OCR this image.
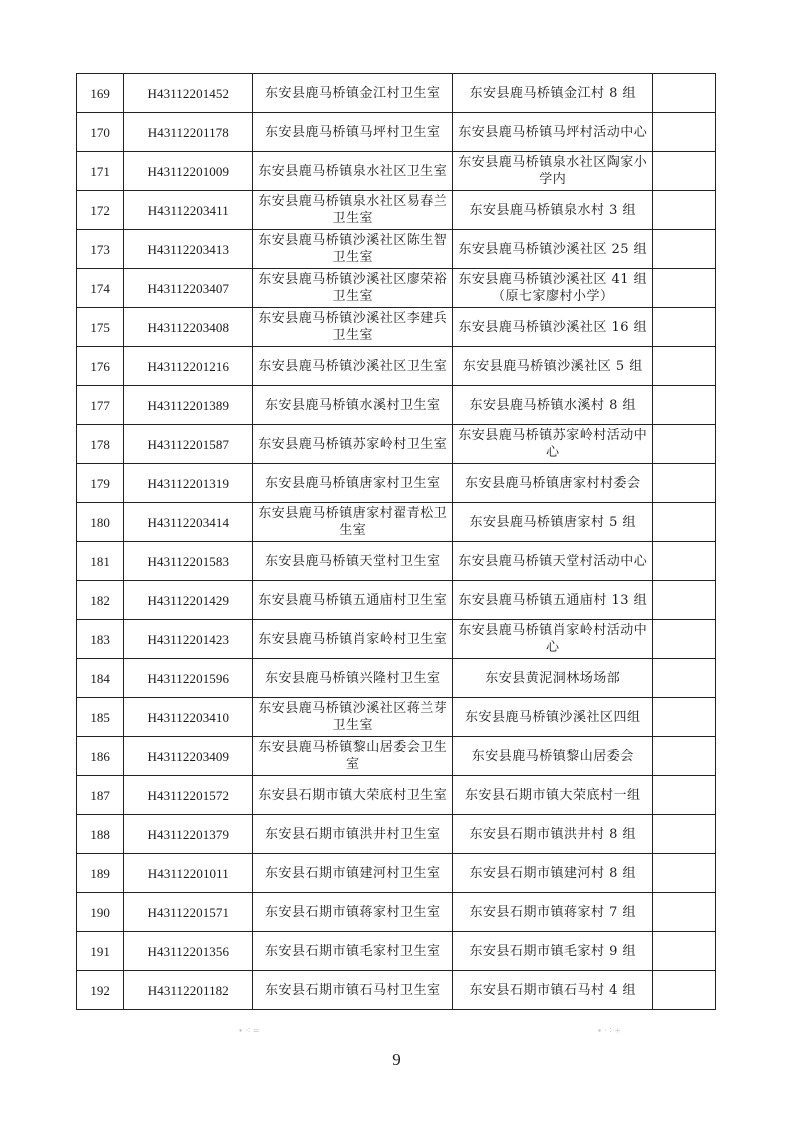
169	H43112201452	东安县鹿马桥镇金江村卫生室	东安县鹿马桥镇金江村 8 组	
170	H43112201178	东安县鹿马桥镇马坪村卫生室	东安县鹿马桥镇马坪村活动中心	
171	H43112201009	东安县鹿马桥镇泉水社区卫生室	东安县鹿马桥镇泉水社区陶家小学内	
172	H43112203411	东安县鹿马桥镇泉水社区易春兰卫生室	东安县鹿马桥镇泉水村 3 组	
173	H43112203413	东安县鹿马桥镇沙溪社区陈生智卫生室	东安县鹿马桥镇沙溪社区 25 组	
174	H43112203407	东安县鹿马桥镇沙溪社区廖荣裕卫生室	东安县鹿马桥镇沙溪社区 41 组（原七家廖村小学）	
175	H43112203408	东安县鹿马桥镇沙溪社区李建兵卫生室	东安县鹿马桥镇沙溪社区 16 组	
176	H43112201216	东安县鹿马桥镇沙溪社区卫生室	东安县鹿马桥镇沙溪社区 5 组	
177	H43112201389	东安县鹿马桥镇水溪村卫生室	东安县鹿马桥镇水溪村 8 组	
178	H43112201587	东安县鹿马桥镇苏家岭村卫生室	东安县鹿马桥镇苏家岭村活动中心	
179	H43112201319	东安县鹿马桥镇唐家村卫生室	东安县鹿马桥镇唐家村村委会	
180	H43112203414	东安县鹿马桥镇唐家村翟青松卫生室	东安县鹿马桥镇唐家村 5 组	
181	H43112201583	东安县鹿马桥镇天堂村卫生室	东安县鹿马桥镇天堂村活动中心	
182	H43112201429	东安县鹿马桥镇五通庙村卫生室	东安县鹿马桥镇五通庙村 13 组	
183	H43112201423	东安县鹿马桥镇肖家岭村卫生室	东安县鹿马桥镇肖家岭村活动中心	
184	H43112201596	东安县鹿马桥镇兴隆村卫生室	东安县黄泥洞林场场部	
185	H43112203410	东安县鹿马桥镇沙溪社区蒋兰芽卫生室	东安县鹿马桥镇沙溪社区四组	
186	H43112203409	东安县鹿马桥镇黎山居委会卫生室	东安县鹿马桥镇黎山居委会	
187	H43112201572	东安县石期市镇大荣底村卫生室	东安县石期市镇大荣底村一组	
188	H43112201379	东安县石期市镇洪井村卫生室	东安县石期市镇洪井村 8 组	
189	H43112201011	东安县石期市镇建河村卫生室	东安县石期市镇建河村 8 组	
190	H43112201571	东安县石期市镇蒋家村卫生室	东安县石期市镇蒋家村 7 组	
191	H43112201356	东安县石期市镇毛家村卫生室	东安县石期市镇毛家村 9 组	
192	H43112201182	东安县石期市镇石马村卫生室	东安县石期市镇石马村 4 组	
∙ ·∶ =	∙ · ∶ ÷
9
